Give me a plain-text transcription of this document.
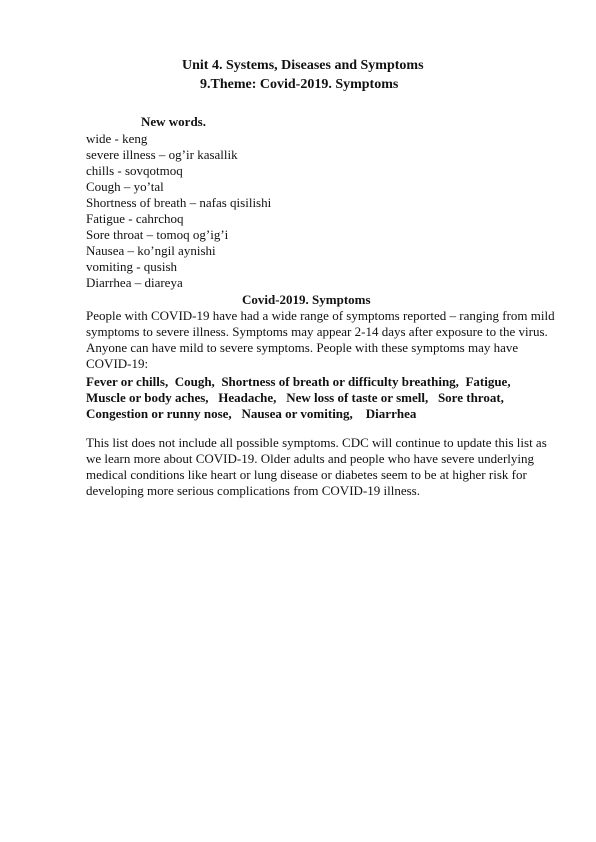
Unit 4. Systems, Diseases and Symptoms
9.Theme: Covid-2019. Symptoms
New words.
wide - keng
severe illness – og’ir kasallik
chills - sovqotmoq
Cough – yo’tal
Shortness of breath – nafas qisilishi
Fatigue - cahrchoq
Sore throat – tomoq og’ig’i
Nausea – ko’ngil aynishi
vomiting - qusish
Diarrhea – diareya
Covid-2019. Symptoms

People with COVID-19 have had a wide range of symptoms reported – ranging from mild symptoms to severe illness. Symptoms may appear 2-14 days after exposure to the virus. Anyone can have mild to severe symptoms. People with these symptoms may have COVID-19:

Fever or chills, Cough, Shortness of breath or difficulty breathing, Fatigue,
Muscle or body aches, Headache, New loss of taste or smell, Sore throat,
Congestion or runny nose, Nausea or vomiting, Diarrhea

This list does not include all possible symptoms. CDC will continue to update this list as we learn more about COVID-19. Older adults and people who have severe underlying medical conditions like heart or lung disease or diabetes seem to be at higher risk for developing more serious complications from COVID-19 illness.
